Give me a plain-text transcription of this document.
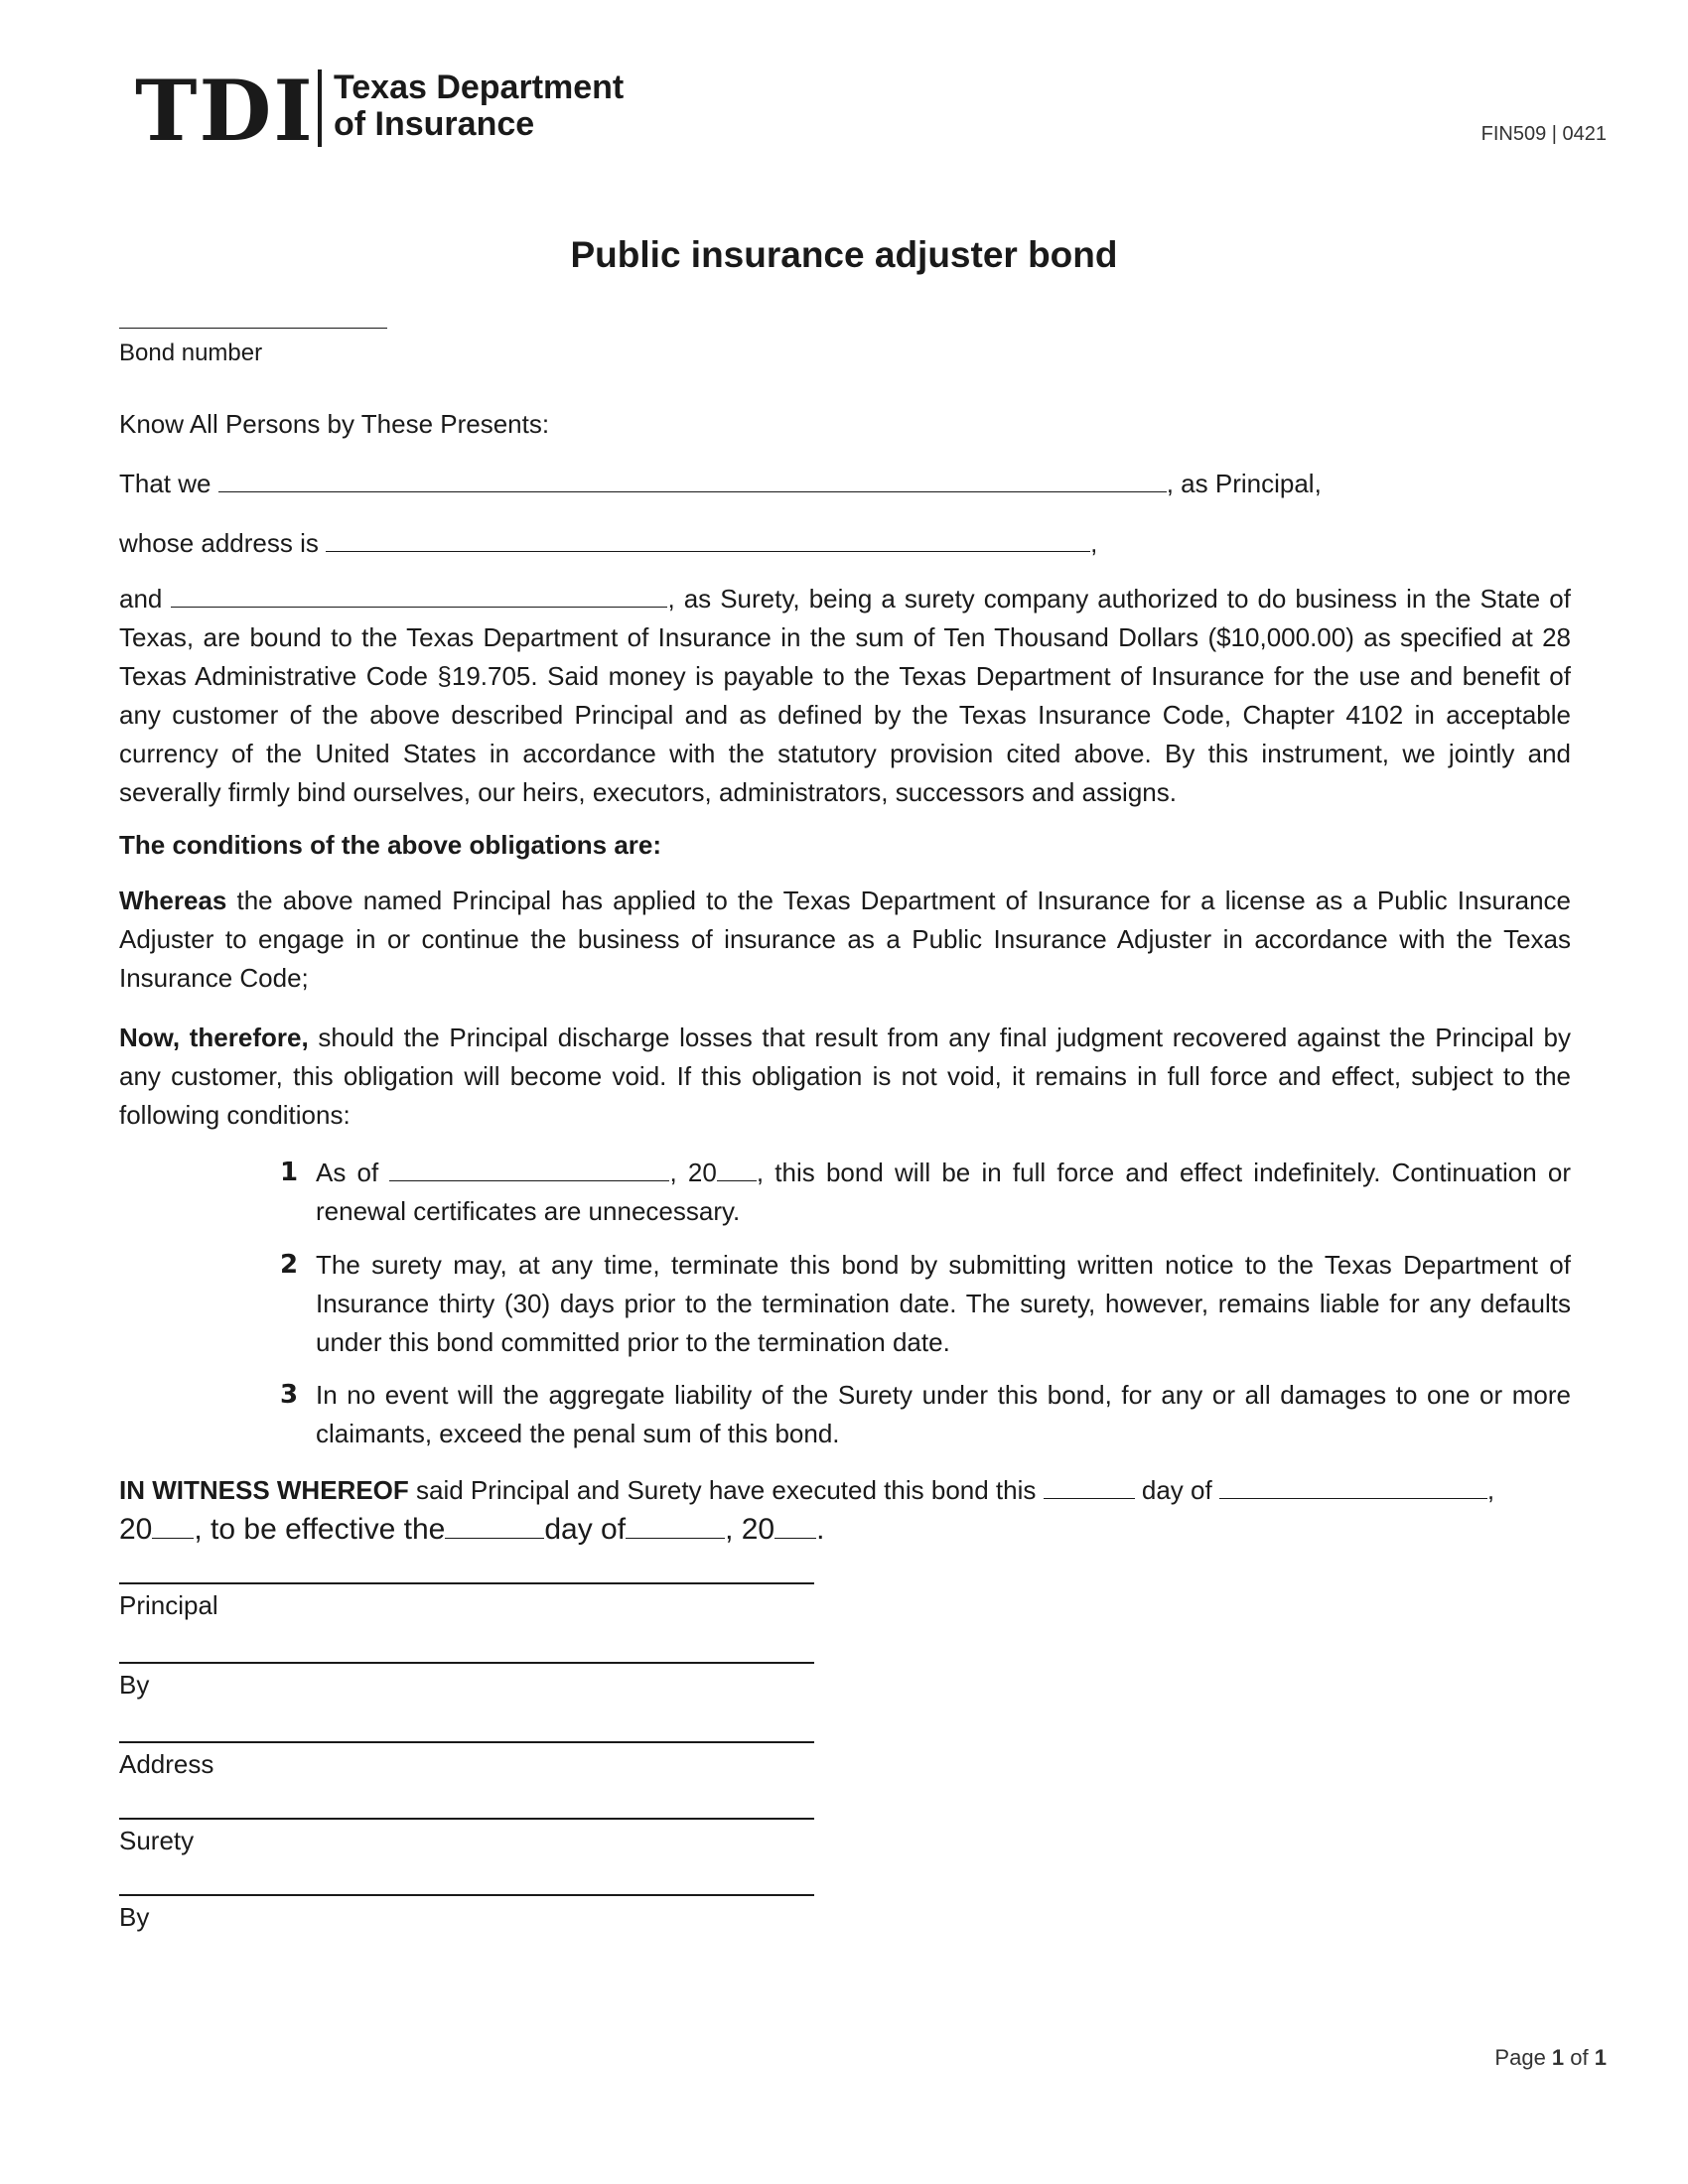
TDI Texas Department
of Insurance	FIN509 | 0421
Public insurance adjuster bond
Bond number
Know All Persons by These Presents:
That we	, as Principal,
whose address is	,
and	, as Surety, being a surety company authorized to do business in the State of Texas, are bound to the Texas Department of Insurance in the sum of Ten Thousand Dollars ($10,000.00) as specified at 28 Texas Administrative Code §19.705. Said money is payable to the Texas Department of Insurance for the use and benefit of any customer of the above described Principal and as defined by the Texas Insurance Code, Chapter 4102 in acceptable currency of the United States in accordance with the statutory provision cited above. By this instrument, we jointly and severally firmly bind ourselves, our heirs, executors, administrators, successors and assigns.
The conditions of the above obligations are:
Whereas the above named Principal has applied to the Texas Department of Insurance for a license as a Public Insurance Adjuster to engage in or continue the business of insurance as a Public Insurance Adjuster in accordance with the Texas Insurance Code;
Now, therefore, should the Principal discharge losses that result from any final judgment recovered against the Principal by any customer, this obligation will become void. If this obligation is not void, it remains in full force and effect, subject to the following conditions:
1 As of	, 20 , this bond will be in full force and effect indefinitely. Continuation or renewal certificates are unnecessary.
2 The surety may, at any time, terminate this bond by submitting written notice to the Texas Department of Insurance thirty (30) days prior to the termination date. The surety, however, remains liable for any defaults under this bond committed prior to the termination date.
3 In no event will the aggregate liability of the Surety under this bond, for any or all damages to one or more claimants, exceed the penal sum of this bond.
IN WITNESS WHEREOF said Principal and Surety have executed this bond this	day of	,
20 , to be effective the	day of	, 20 .
Principal
By
Address
Surety
By
Page 1 of 1
